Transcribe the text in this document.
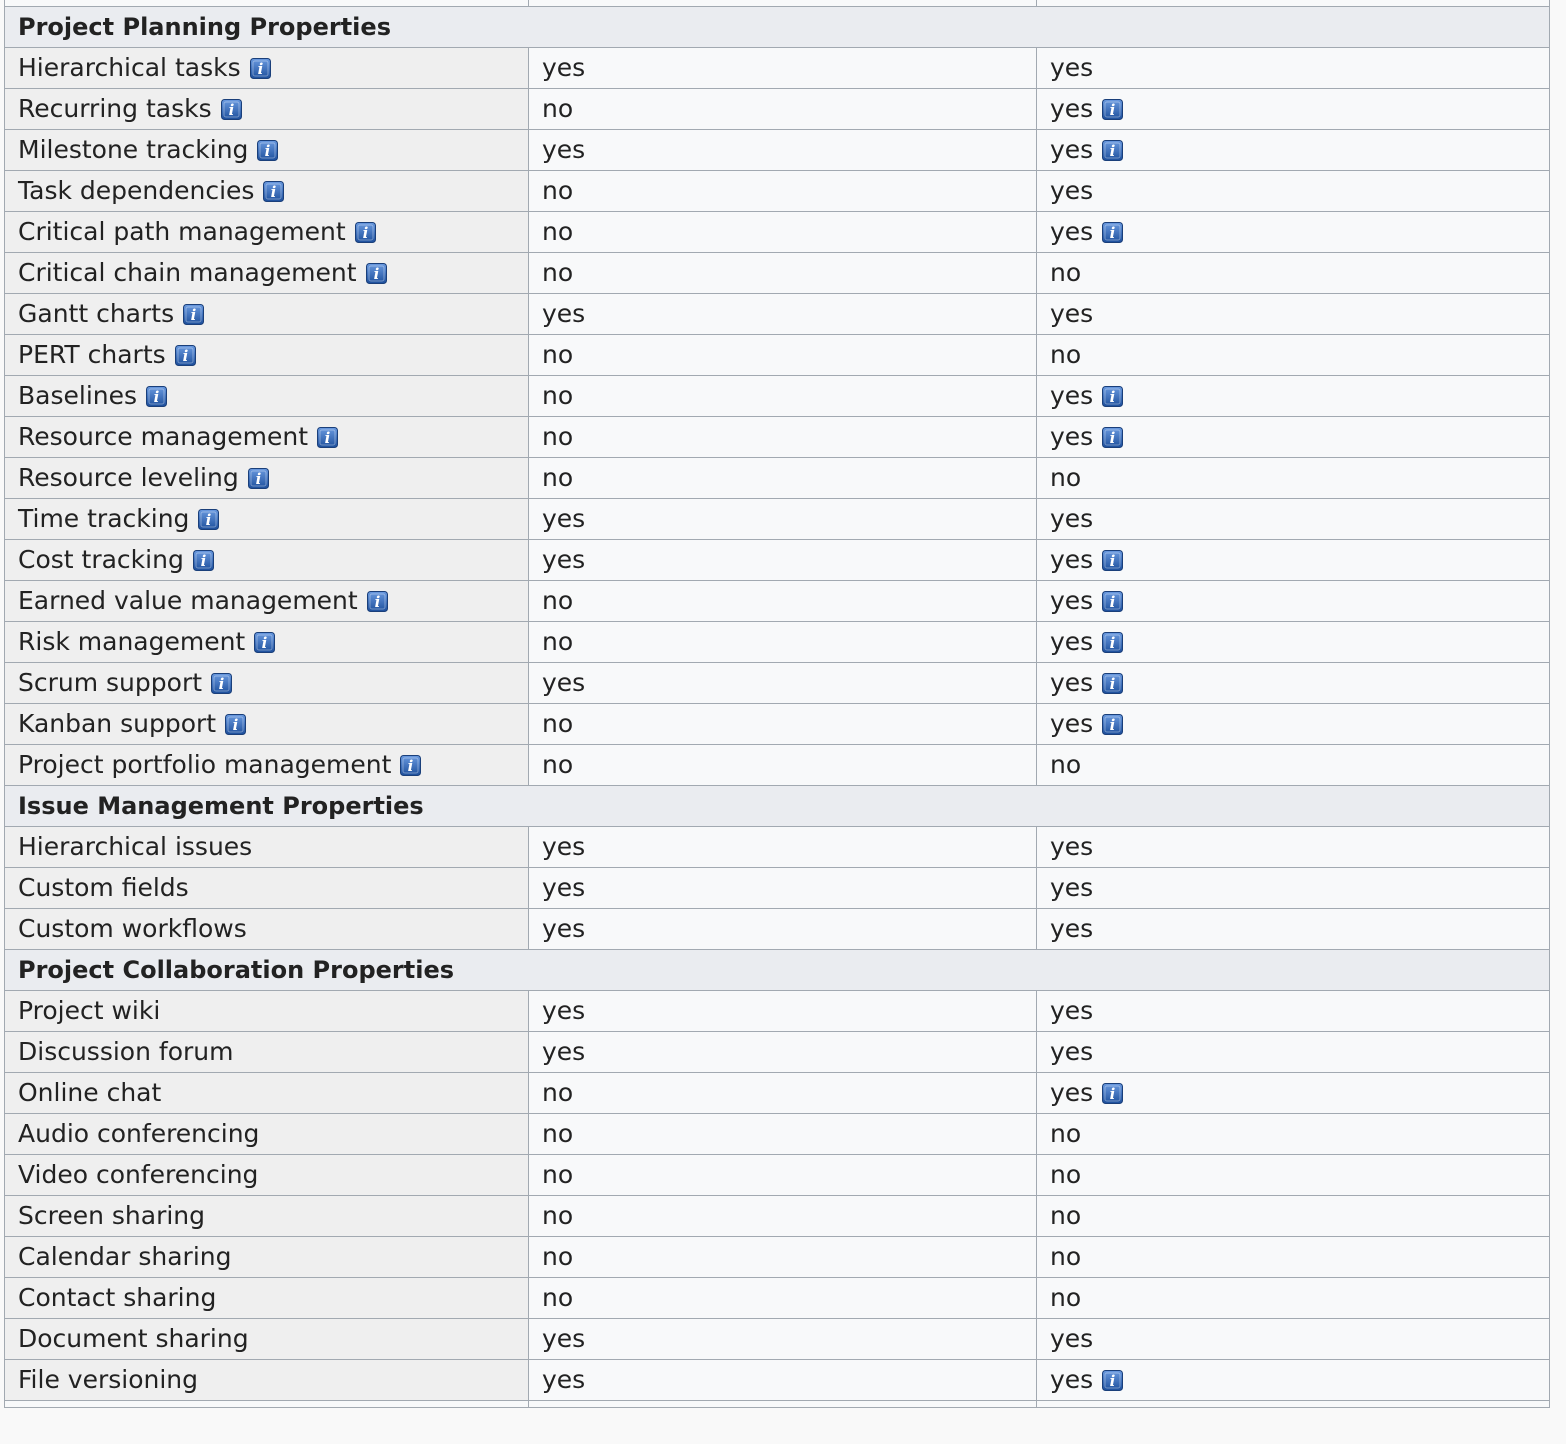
Project Planning Properties		
Hierarchical tasks i	yes	yes
Recurring tasks i	no	yes i

Milestone tracking i	yes	yes i

Task dependencies i	no	yes
Critical path management i	no	yes i

Critical chain management i	no	no
Gantt charts i	yes	yes
PERT charts i	no	no
Baselines i	no	yes i

Resource management i	no	yes i

Resource leveling i	no	no
Time tracking i	yes	yes
Cost tracking i	yes	yes i

Earned value management i	no	yes i

Risk management i	no	yes i

Scrum support i	yes	yes i

Kanban support i	no	yes i

Project portfolio management i	no	no
Issue Management Properties		
Hierarchical issues	yes	yes
Custom fields	yes	yes
Custom workflows	yes	yes
Project Collaboration Properties		
Project wiki	yes	yes
Discussion forum	yes	yes
Online chat	no	yes i

Audio conferencing	no	no
Video conferencing	no	no
Screen sharing	no	no
Calendar sharing	no	no
Contact sharing	no	no
Document sharing	yes	yes
File versioning	yes	yes i
